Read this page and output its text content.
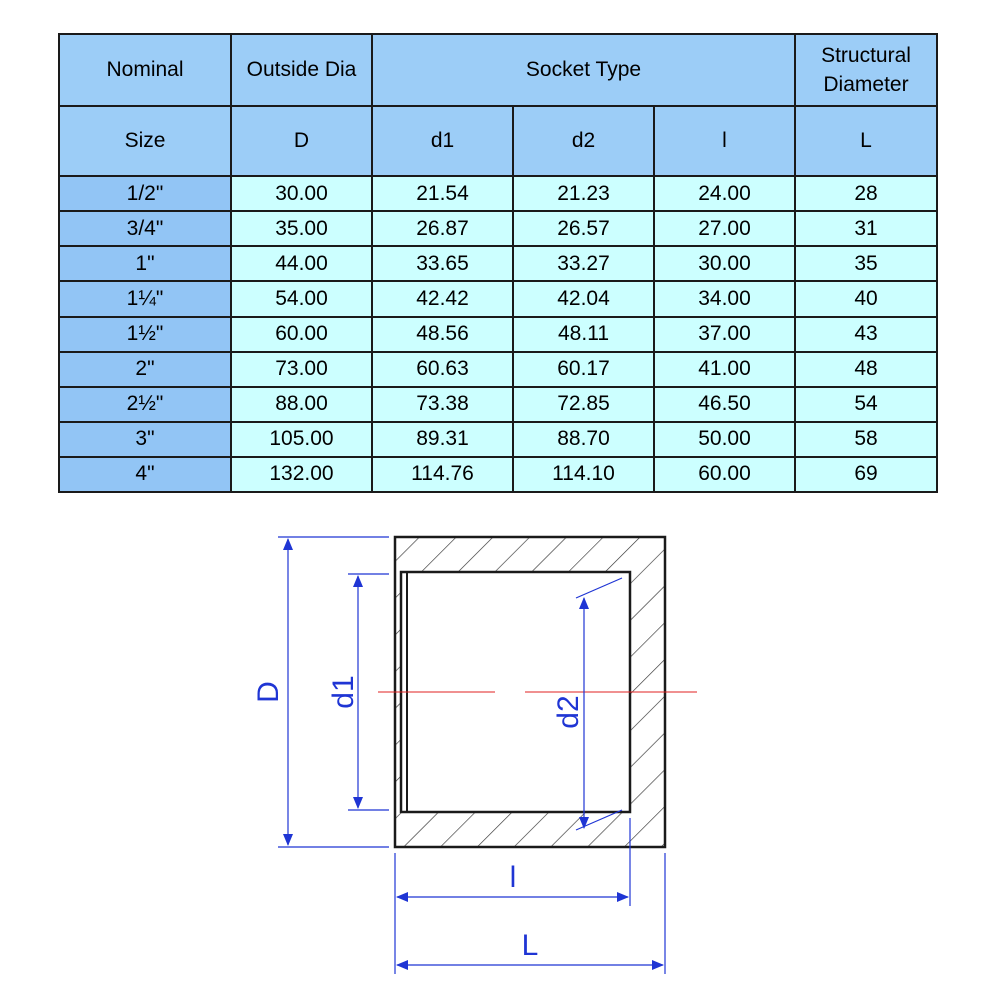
Nominal	Outside Dia	Socket Type			Structural
Diameter
Size	D	d1	d2	l	L
1/2"	30.00	21.54	21.23	24.00	28
3/4"	35.00	26.87	26.57	27.00	31
1"	44.00	33.65	33.27	30.00	35
1¼"	54.00	42.42	42.04	34.00	40
1½"	60.00	48.56	48.11	37.00	43
2"	73.00	60.63	60.17	41.00	48
2½"	88.00	73.38	72.85	46.50	54
3"	105.00	89.31	88.70	50.00	58
4"	132.00	114.76	114.10	60.00	69
D d1
d2
l
L
